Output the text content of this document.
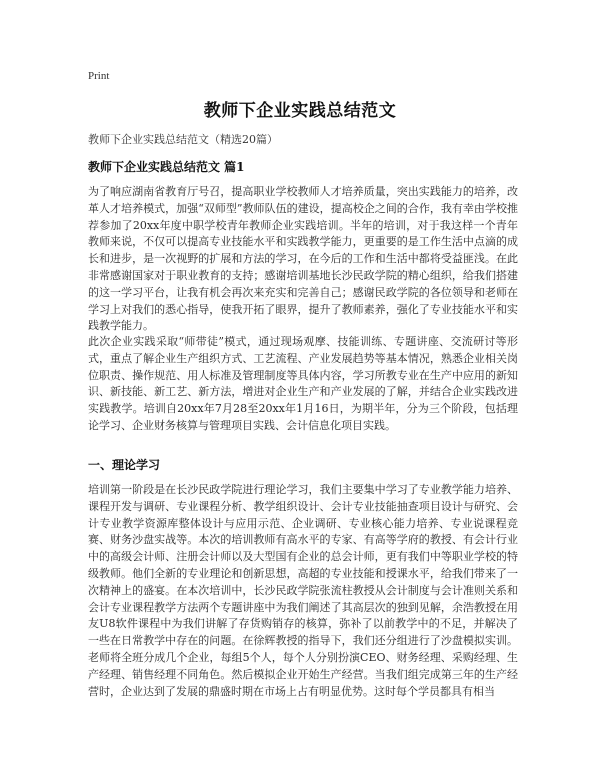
Print
教师下企业实践总结范文
教师下企业实践总结范文（精选20篇）
教师下企业实践总结范文 篇1

为了响应湖南省教育厅号召，提高职业学校教师人才培养质量，突出实践能力的培养，改革人才培养模式，加强“双师型”教师队伍的建设，提高校企之间的合作，我有幸由学校推荐参加了20xx年度中职学校青年教师企业实践培训。半年的培训，对于我这样一个青年教师来说，不仅可以提高专业技能水平和实践教学能力，更重要的是工作生活中点滴的成长和进步，是一次视野的扩展和方法的学习，在今后的工作和生活中都将受益匪浅。在此非常感谢国家对于职业教育的支持；感谢培训基地长沙民政学院的精心组织，给我们搭建的这一学习平台，让我有机会再次来充实和完善自己；感谢民政学院的各位领导和老师在学习上对我们的悉心指导，使我开拓了眼界，提升了教师素养，强化了专业技能水平和实践教学能力。

此次企业实践采取“师带徒”模式，通过现场观摩、技能训练、专题讲座、交流研讨等形式，重点了解企业生产组织方式、工艺流程、产业发展趋势等基本情况，熟悉企业相关岗位职责、操作规范、用人标准及管理制度等具体内容，学习所教专业在生产中应用的新知识、新技能、新工艺、新方法，增进对企业生产和产业发展的了解，并结合企业实践改进实践教学。培训自20xx年7月28至20xx年1月16日，为期半年，分为三个阶段，包括理论学习、企业财务核算与管理项目实践、会计信息化项目实践。

一、理论学习

培训第一阶段是在长沙民政学院进行理论学习，我们主要集中学习了专业教学能力培养、课程开发与调研、专业课程分析、教学组织设计、会计专业技能抽查项目设计与研究、会计专业教学资源库整体设计与应用示范、企业调研、专业核心能力培养、专业说课程竞赛、财务沙盘实战等。本次的培训教师有高水平的专家、有高等学府的教授、有会计行业中的高级会计师、注册会计师以及大型国有企业的总会计师，更有我们中等职业学校的特级教师。他们全新的专业理论和创新思想，高超的专业技能和授课水平，给我们带来了一次精神上的盛宴。在本次培训中，长沙民政学院张流柱教授从会计制度与会计准则关系和会计专业课程教学方法两个专题讲座中为我们阐述了其高层次的独到见解，余浩教授在用友U8软件课程中为我们讲解了存货购销存的核算，弥补了以前教学中的不足，并解决了一些在日常教学中存在的问题。在徐辉教授的指导下，我们还分组进行了沙盘模拟实训。老师将全班分成几个企业，每组5个人，每个人分别扮演CEO、财务经理、采购经理、生产经理、销售经理不同角色。然后模拟企业开始生产经营。当我们组完成第三年的生产经营时，企业达到了发展的鼎盛时期在市场上占有明显优势。这时每个学员都具有相当
